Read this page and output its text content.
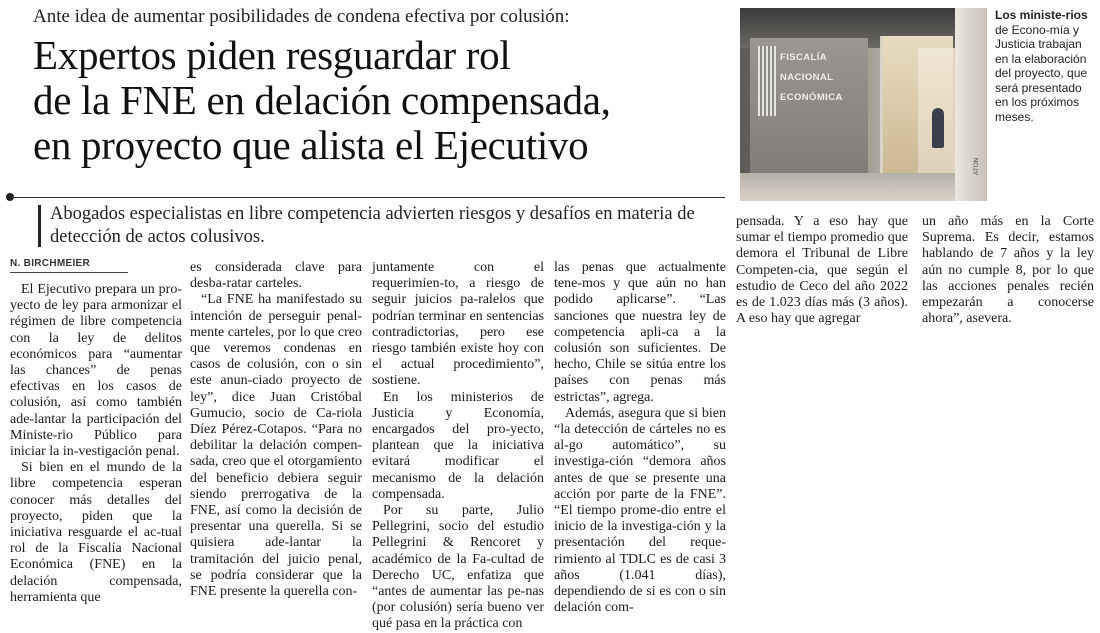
Ante idea de aumentar posibilidades de condena efectiva por colusión:
Expertos piden resguardar rol
de la FNE en delación compensada,
en proyecto que alista el Ejecutivo
Abogados especialistas en libre competencia advierten riesgos y desafíos en materia de detección de actos colusivos.
N. BIRCHMEIER

El Ejecutivo prepara un pro-yecto de ley para armonizar el régimen de libre competencia con la ley de delitos económicos para “aumentar las chances” de penas efectivas en los casos de colusión, así como también ade-lantar la participación del Ministe-rio Público para iniciar la in-vestigación penal.

Si bien en el mundo de la libre competencia esperan conocer más detalles del proyecto, piden que la iniciativa resguarde el ac-tual rol de la Fiscalía Nacional Económica (FNE) en la delación compensada, herramienta que

es considerada clave para desba-ratar carteles.

“La FNE ha manifestado su intención de perseguir penal-mente carteles, por lo que creo que veremos condenas en casos de colusión, con o sin este anun-ciado proyecto de ley”, dice Juan Cristóbal Gumucio, socio de Ca-riola Díez Pérez-Cotapos. “Para no debilitar la delación compen-sada, creo que el otorgamiento del beneficio debiera seguir siendo prerrogativa de la FNE, así como la decisión de presentar una querella. Si se quisiera ade-lantar la tramitación del juicio penal, se podría considerar que la FNE presente la querella con-

juntamente con el requerimien-to, a riesgo de seguir juicios pa-ralelos que podrían terminar en sentencias contradictorias, pero ese riesgo también existe hoy con el actual procedimiento”, sostiene.

En los ministerios de Justicia y Economía, encargados del pro-yecto, plantean que la iniciativa evitará modificar el mecanismo de la delación compensada.

Por su parte, Julio Pellegrini, socio del estudio Pellegrini & Rencoret y académico de la Fa-cultad de Derecho UC, enfatiza que “antes de aumentar las pe-nas (por colusión) sería bueno ver qué pasa en la práctica con

las penas que actualmente tene-mos y que aún no han podido aplicarse”. “Las sanciones que nuestra ley de competencia apli-ca a la colusión son suficientes. De hecho, Chile se sitúa entre los países con penas más estrictas”, agrega.

Además, asegura que si bien “la detección de cárteles no es al-go automático”, su investiga-ción “demora años antes de que se presente una acción por parte de la FNE”. “El tiempo prome-dio entre el inicio de la investiga-ción y la presentación del reque-rimiento al TDLC es de casi 3 años (1.041 días), dependiendo de si es con o sin delación com-

pensada. Y a eso hay que sumar el tiempo promedio que demora el Tribunal de Libre Competen-cia, que según el estudio de Ceco del año 2022 es de 1.023 días más (3 años). A eso hay que agregar

un año más en la Corte Suprema. Es decir, estamos hablando de 7 años y la ley aún no cumple 8, por lo que las acciones penales recién empezarán a conocerse ahora”, asevera.

FISCALÍA
NACIONAL
ECONÓMICA
ATON
Los ministe-rios de Econo-mía y Justicia trabajan en la elaboración del proyecto, que será presentado en los próximos meses.
